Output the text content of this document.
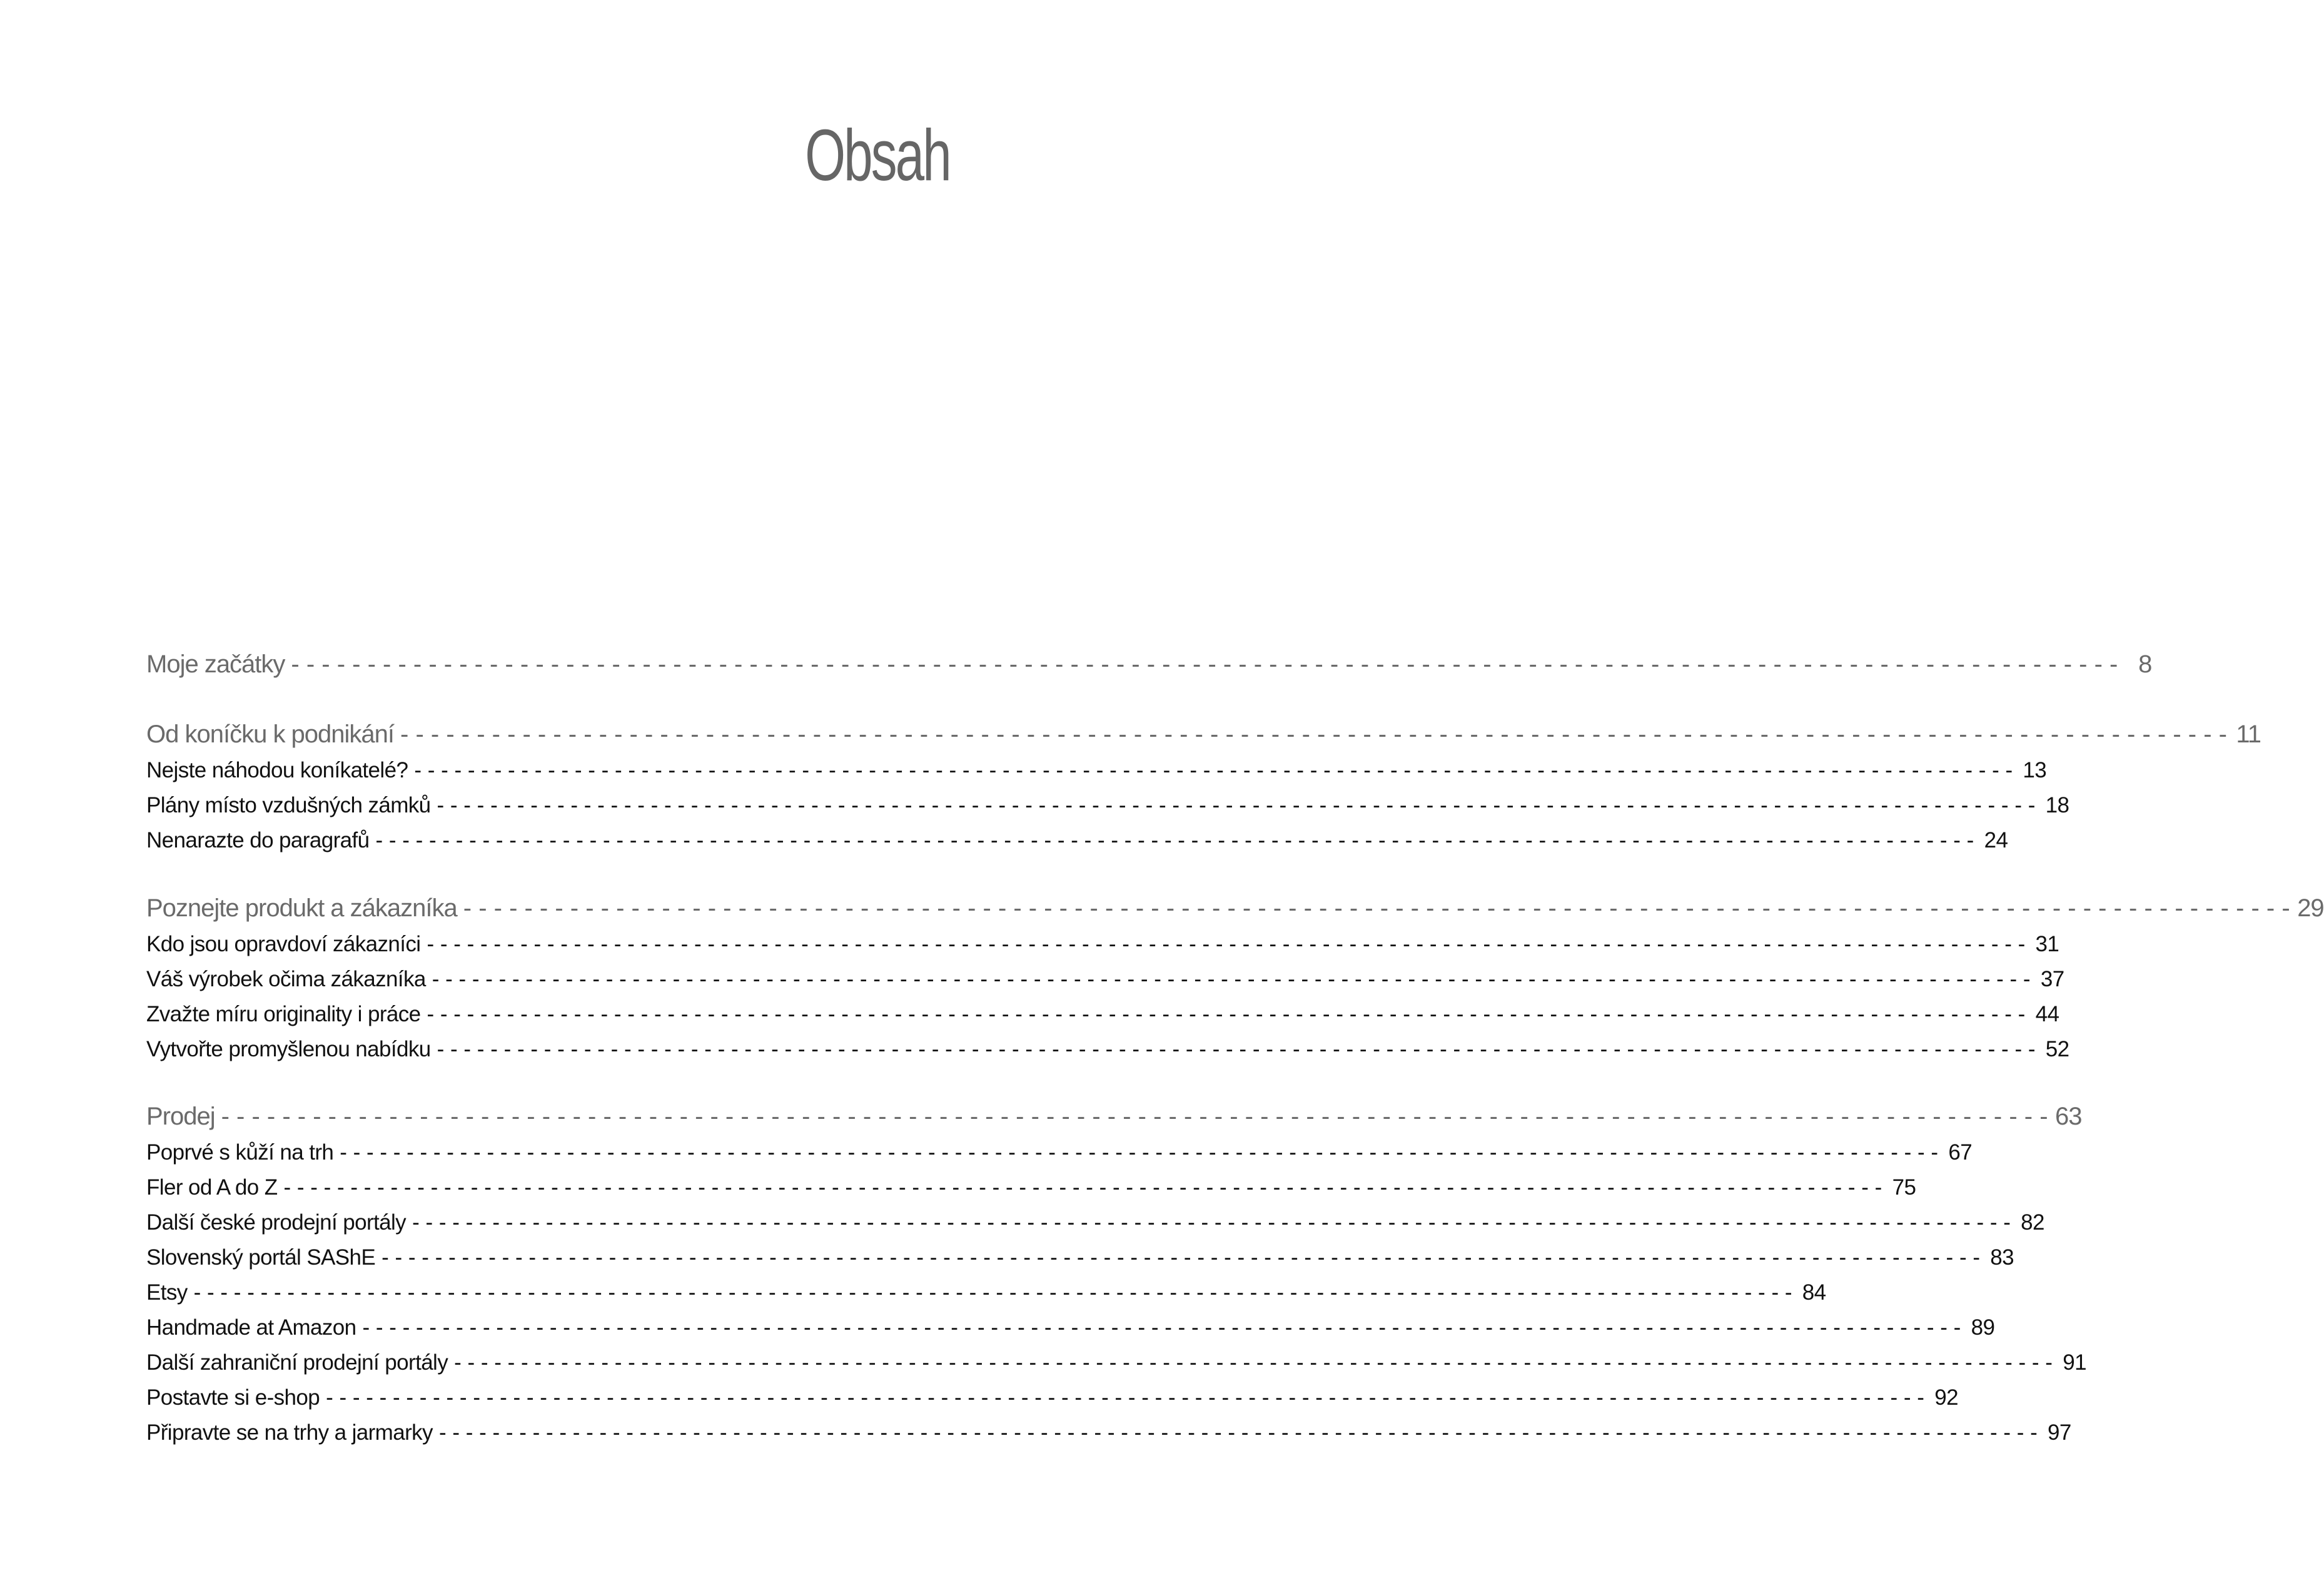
Obsah
Moje začátky - - - - - - - - - - - - - - - - - - - - - - - - - - - - - - - - - - - - - - - - - - - - - - - - - - - - - - - - - - - - - - - - - - - - - - - - - - - - - - - - - - - - - - - - - - - - - - - - - - - - - - - - - - - - - - - - - - - - - - - - 8
Od koníčku k podnikání - - - - - - - - - - - - - - - - - - - - - - - - - - - - - - - - - - - - - - - - - - - - - - - - - - - - - - - - - - - - - - - - - - - - - - - - - - - - - - - - - - - - - - - - - - - - - - - - - - - - - - - - - - - - - - - - - - - - - - - - 11
Nejste náhodou koníkatelé? - - - - - - - - - - - - - - - - - - - - - - - - - - - - - - - - - - - - - - - - - - - - - - - - - - - - - - - - - - - - - - - - - - - - - - - - - - - - - - - - - - - - - - - - - - - - - - - - - - - - - - - - - - - - - - - - - - - - - - - - 13
Plány místo vzdušných zámků - - - - - - - - - - - - - - - - - - - - - - - - - - - - - - - - - - - - - - - - - - - - - - - - - - - - - - - - - - - - - - - - - - - - - - - - - - - - - - - - - - - - - - - - - - - - - - - - - - - - - - - - - - - - - - - - - - - - - - - - 18
Nenarazte do paragrafů - - - - - - - - - - - - - - - - - - - - - - - - - - - - - - - - - - - - - - - - - - - - - - - - - - - - - - - - - - - - - - - - - - - - - - - - - - - - - - - - - - - - - - - - - - - - - - - - - - - - - - - - - - - - - - - - - - - - - - - - 24
Poznejte produkt a zákazníka - - - - - - - - - - - - - - - - - - - - - - - - - - - - - - - - - - - - - - - - - - - - - - - - - - - - - - - - - - - - - - - - - - - - - - - - - - - - - - - - - - - - - - - - - - - - - - - - - - - - - - - - - - - - - - - - - - - - - - - - 29
Kdo jsou opravdoví zákazníci - - - - - - - - - - - - - - - - - - - - - - - - - - - - - - - - - - - - - - - - - - - - - - - - - - - - - - - - - - - - - - - - - - - - - - - - - - - - - - - - - - - - - - - - - - - - - - - - - - - - - - - - - - - - - - - - - - - - - - - - 31
Váš výrobek očima zákazníka - - - - - - - - - - - - - - - - - - - - - - - - - - - - - - - - - - - - - - - - - - - - - - - - - - - - - - - - - - - - - - - - - - - - - - - - - - - - - - - - - - - - - - - - - - - - - - - - - - - - - - - - - - - - - - - - - - - - - - - - 37
Zvažte míru originality i práce - - - - - - - - - - - - - - - - - - - - - - - - - - - - - - - - - - - - - - - - - - - - - - - - - - - - - - - - - - - - - - - - - - - - - - - - - - - - - - - - - - - - - - - - - - - - - - - - - - - - - - - - - - - - - - - - - - - - - - - - 44
Vytvořte promyšlenou nabídku - - - - - - - - - - - - - - - - - - - - - - - - - - - - - - - - - - - - - - - - - - - - - - - - - - - - - - - - - - - - - - - - - - - - - - - - - - - - - - - - - - - - - - - - - - - - - - - - - - - - - - - - - - - - - - - - - - - - - - - - 52
Prodej - - - - - - - - - - - - - - - - - - - - - - - - - - - - - - - - - - - - - - - - - - - - - - - - - - - - - - - - - - - - - - - - - - - - - - - - - - - - - - - - - - - - - - - - - - - - - - - - - - - - - - - - - - - - - - - - - - - - - - - - 63
Poprvé s kůží na trh - - - - - - - - - - - - - - - - - - - - - - - - - - - - - - - - - - - - - - - - - - - - - - - - - - - - - - - - - - - - - - - - - - - - - - - - - - - - - - - - - - - - - - - - - - - - - - - - - - - - - - - - - - - - - - - - - - - - - - - - 67
Fler od A do Z - - - - - - - - - - - - - - - - - - - - - - - - - - - - - - - - - - - - - - - - - - - - - - - - - - - - - - - - - - - - - - - - - - - - - - - - - - - - - - - - - - - - - - - - - - - - - - - - - - - - - - - - - - - - - - - - - - - - - - - - 75
Další české prodejní portály - - - - - - - - - - - - - - - - - - - - - - - - - - - - - - - - - - - - - - - - - - - - - - - - - - - - - - - - - - - - - - - - - - - - - - - - - - - - - - - - - - - - - - - - - - - - - - - - - - - - - - - - - - - - - - - - - - - - - - - - 82
Slovenský portál SAShE - - - - - - - - - - - - - - - - - - - - - - - - - - - - - - - - - - - - - - - - - - - - - - - - - - - - - - - - - - - - - - - - - - - - - - - - - - - - - - - - - - - - - - - - - - - - - - - - - - - - - - - - - - - - - - - - - - - - - - - - 83
Etsy - - - - - - - - - - - - - - - - - - - - - - - - - - - - - - - - - - - - - - - - - - - - - - - - - - - - - - - - - - - - - - - - - - - - - - - - - - - - - - - - - - - - - - - - - - - - - - - - - - - - - - - - - - - - - - - - - - - - - - - - 84
Handmade at Amazon - - - - - - - - - - - - - - - - - - - - - - - - - - - - - - - - - - - - - - - - - - - - - - - - - - - - - - - - - - - - - - - - - - - - - - - - - - - - - - - - - - - - - - - - - - - - - - - - - - - - - - - - - - - - - - - - - - - - - - - - 89
Další zahraniční prodejní portály - - - - - - - - - - - - - - - - - - - - - - - - - - - - - - - - - - - - - - - - - - - - - - - - - - - - - - - - - - - - - - - - - - - - - - - - - - - - - - - - - - - - - - - - - - - - - - - - - - - - - - - - - - - - - - - - - - - - - - - - 91
Postavte si e-shop - - - - - - - - - - - - - - - - - - - - - - - - - - - - - - - - - - - - - - - - - - - - - - - - - - - - - - - - - - - - - - - - - - - - - - - - - - - - - - - - - - - - - - - - - - - - - - - - - - - - - - - - - - - - - - - - - - - - - - - - 92
Připravte se na trhy a jarmarky - - - - - - - - - - - - - - - - - - - - - - - - - - - - - - - - - - - - - - - - - - - - - - - - - - - - - - - - - - - - - - - - - - - - - - - - - - - - - - - - - - - - - - - - - - - - - - - - - - - - - - - - - - - - - - - - - - - - - - - - 97
